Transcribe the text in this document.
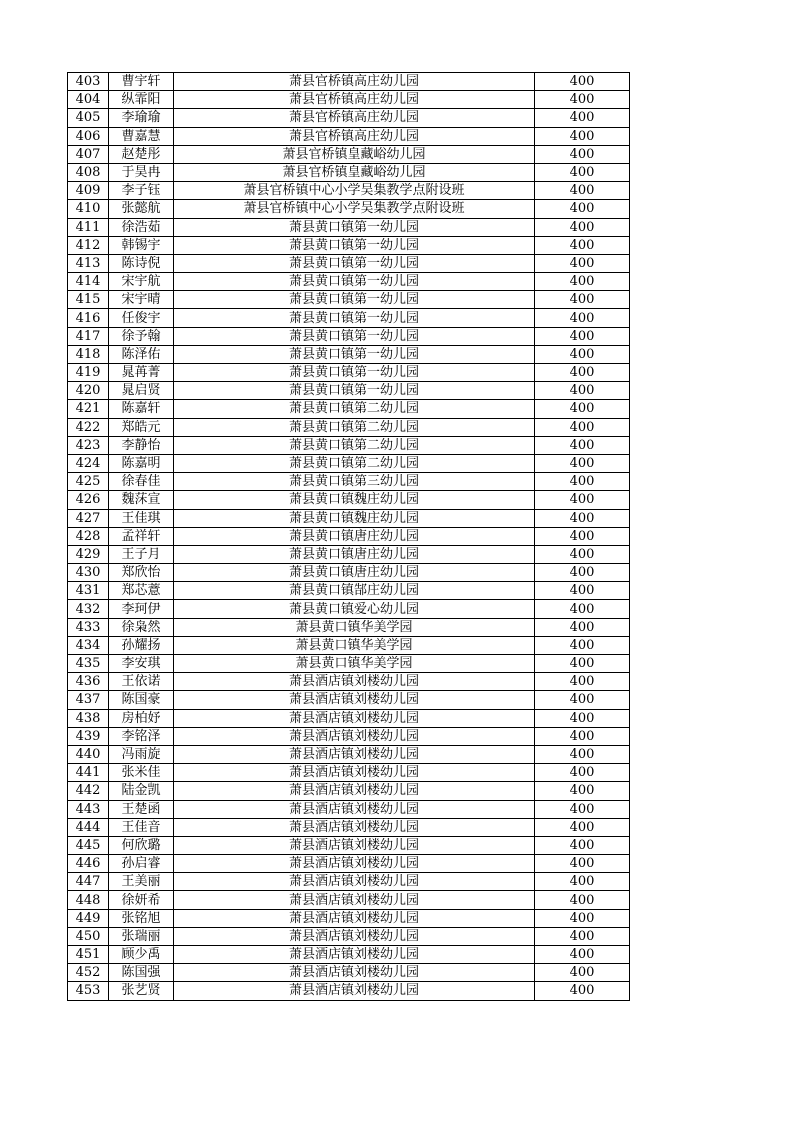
403	曹宇轩	萧县官桥镇高庄幼儿园	400
404	纵霏阳	萧县官桥镇高庄幼儿园	400
405	李瑜瑜	萧县官桥镇高庄幼儿园	400
406	曹嘉慧	萧县官桥镇高庄幼儿园	400
407	赵楚彤	萧县官桥镇皇藏峪幼儿园	400
408	于昊冉	萧县官桥镇皇藏峪幼儿园	400
409	李子钰	萧县官桥镇中心小学吴集教学点附设班	400
410	张懿航	萧县官桥镇中心小学吴集教学点附设班	400
411	徐浩茹	萧县黄口镇第一幼儿园	400
412	韩锡宇	萧县黄口镇第一幼儿园	400
413	陈诗倪	萧县黄口镇第一幼儿园	400
414	宋宇航	萧县黄口镇第一幼儿园	400
415	宋宇晴	萧县黄口镇第一幼儿园	400
416	任俊宇	萧县黄口镇第一幼儿园	400
417	徐予翰	萧县黄口镇第一幼儿园	400
418	陈泽佑	萧县黄口镇第一幼儿园	400
419	晁苒菁	萧县黄口镇第一幼儿园	400
420	晁启贤	萧县黄口镇第一幼儿园	400
421	陈嘉轩	萧县黄口镇第二幼儿园	400
422	郑皓元	萧县黄口镇第二幼儿园	400
423	李静怡	萧县黄口镇第二幼儿园	400
424	陈嘉明	萧县黄口镇第二幼儿园	400
425	徐春佳	萧县黄口镇第三幼儿园	400
426	魏莯宣	萧县黄口镇魏庄幼儿园	400
427	王佳琪	萧县黄口镇魏庄幼儿园	400
428	孟祥轩	萧县黄口镇唐庄幼儿园	400
429	王子月	萧县黄口镇唐庄幼儿园	400
430	郑欣怡	萧县黄口镇唐庄幼儿园	400
431	郑芯薏	萧县黄口镇郜庄幼儿园	400
432	李珂伊	萧县黄口镇爱心幼儿园	400
433	徐枭然	萧县黄口镇华美学园	400
434	孙耀扬	萧县黄口镇华美学园	400
435	李安琪	萧县黄口镇华美学园	400
436	王依诺	萧县酒店镇刘楼幼儿园	400
437	陈国豪	萧县酒店镇刘楼幼儿园	400
438	房柏妤	萧县酒店镇刘楼幼儿园	400
439	李铭泽	萧县酒店镇刘楼幼儿园	400
440	冯雨旋	萧县酒店镇刘楼幼儿园	400
441	张米佳	萧县酒店镇刘楼幼儿园	400
442	陆金凯	萧县酒店镇刘楼幼儿园	400
443	王楚函	萧县酒店镇刘楼幼儿园	400
444	王佳音	萧县酒店镇刘楼幼儿园	400
445	何欣璐	萧县酒店镇刘楼幼儿园	400
446	孙启睿	萧县酒店镇刘楼幼儿园	400
447	王美丽	萧县酒店镇刘楼幼儿园	400
448	徐妍希	萧县酒店镇刘楼幼儿园	400
449	张铭旭	萧县酒店镇刘楼幼儿园	400
450	张瑞丽	萧县酒店镇刘楼幼儿园	400
451	顾少禹	萧县酒店镇刘楼幼儿园	400
452	陈国强	萧县酒店镇刘楼幼儿园	400
453	张艺贤	萧县酒店镇刘楼幼儿园	400
